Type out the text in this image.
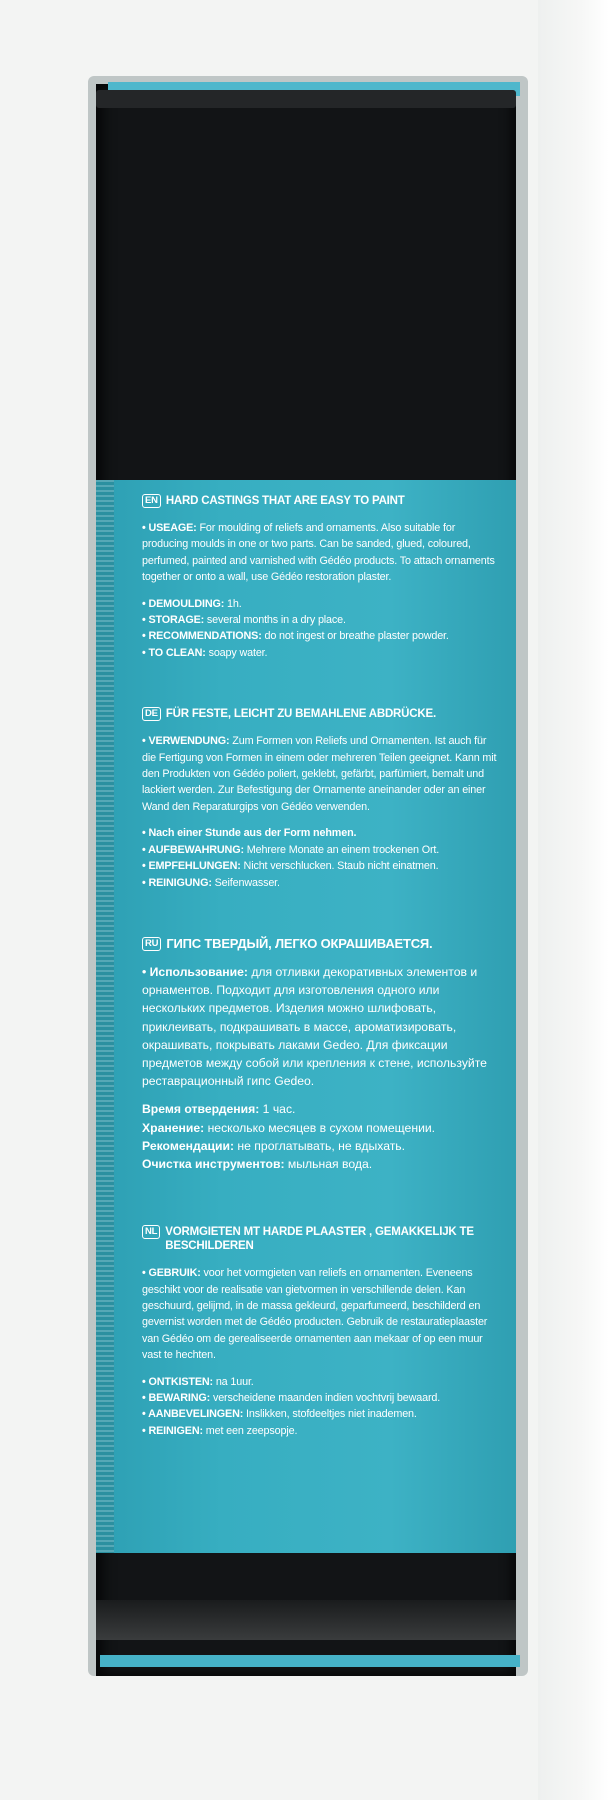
EN HARD CASTINGS THAT ARE EASY TO PAINT
• USEAGE: For moulding of reliefs and ornaments. Also suitable for producing moulds in one or two parts. Can be sanded, glued, coloured, perfumed, painted and varnished with Gédéo products. To attach ornaments together or onto a wall, use Gédéo restoration plaster.
• DEMOULDING: 1h.
• STORAGE: several months in a dry place.
• RECOMMENDATIONS: do not ingest or breathe plaster powder.
• TO CLEAN: soapy water.
DE FÜR FESTE, LEICHT ZU BEMAHLENE ABDRÜCKE.
• VERWENDUNG: Zum Formen von Reliefs und Ornamenten. Ist auch für die Fertigung von Formen in einem oder mehreren Teilen geeignet. Kann mit den Produkten von Gédéo poliert, geklebt, gefärbt, parfümiert, bemalt und lackiert werden. Zur Befestigung der Ornamente aneinander oder an einer Wand den Reparaturgips von Gédéo verwenden.
• Nach einer Stunde aus der Form nehmen.
• AUFBEWAHRUNG: Mehrere Monate an einem trockenen Ort.
• EMPFEHLUNGEN: Nicht verschlucken. Staub nicht einatmen.
• REINIGUNG: Seifenwasser.
RU ГИПС ТВЕРДЫЙ, ЛЕГКО ОКРАШИВАЕТСЯ.
• Использование: для отливки декоративных элементов и орнаментов. Подходит для изготовления одного или нескольких предметов. Изделия можно шлифовать, приклеивать, подкрашивать в массе, ароматизировать, окрашивать, покрывать лаками Gedeo. Для фиксации предметов между собой или крепления к стене, используйте реставрационный гипс Gedeo.
Время отвердения: 1 час.
Хранение: несколько месяцев в сухом помещении.
Рекомендации: не проглатывать, не вдыхать.
Очистка инструментов: мыльная вода.
NL VORMGIETEN MT HARDE PLAASTER , GEMAKKELIJK TE BESCHILDEREN
• GEBRUIK: voor het vormgieten van reliefs en ornamenten. Eveneens geschikt voor de realisatie van gietvormen in verschillende delen. Kan geschuurd, gelijmd, in de massa gekleurd, geparfumeerd, beschilderd en gevernist worden met de Gédéo producten. Gebruik de restauratieplaaster van Gédéo om de gerealiseerde ornamenten aan mekaar of op een muur vast te hechten.
• ONTKISTEN: na 1uur.
• BEWARING: verscheidene maanden indien vochtvrij bewaard.
• AANBEVELINGEN: Inslikken, stofdeeltjes niet inademen.
• REINIGEN: met een zeepsopje.
